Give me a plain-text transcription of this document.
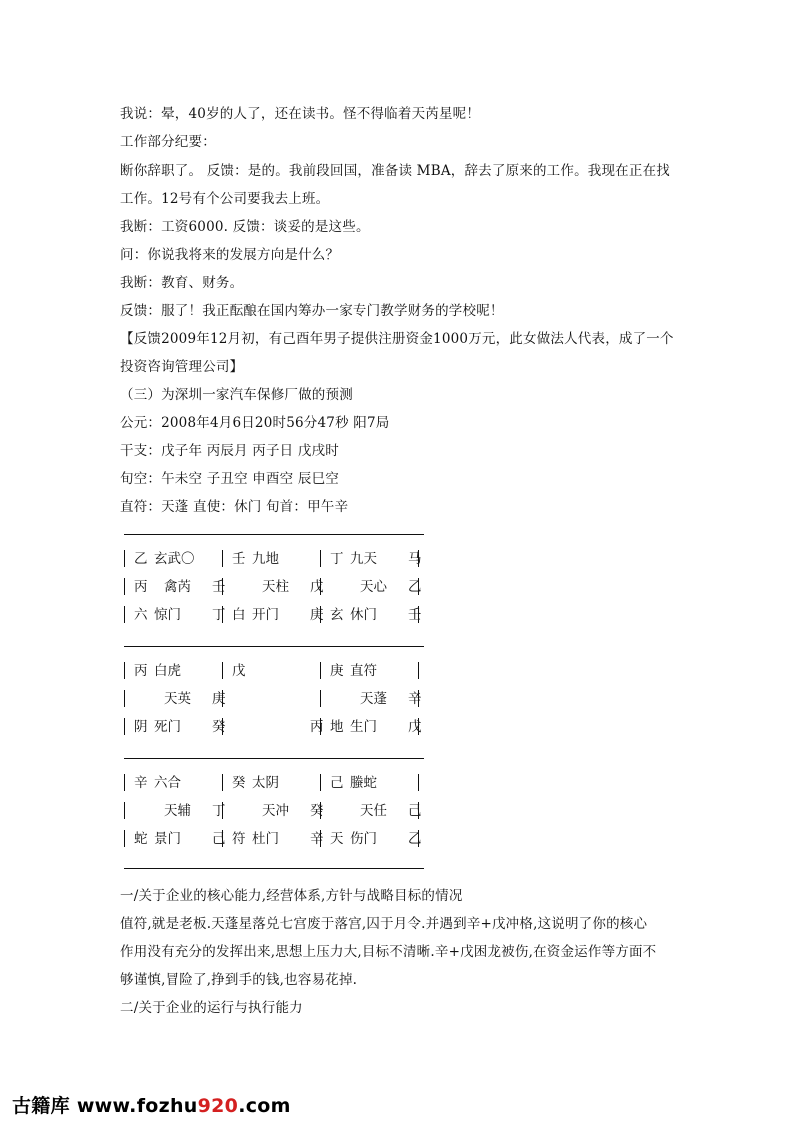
我说：晕，40岁的人了，还在读书。怪不得临着天芮星呢！
工作部分纪要：
断你辞职了。 反馈：是的。我前段回国，准备读 MBA，辞去了原来的工作。我现在正在找
工作。12号有个公司要我去上班。
我断：工资6000. 反馈：谈妥的是这些。
问：你说我将来的发展方向是什么？
我断：教育、财务。
反馈：服了！我正酝酿在国内筹办一家专门教学财务的学校呢！
【反馈2009年12月初，有己酉年男子提供注册资金1000万元，此女做法人代表，成了一个
投资咨询管理公司】
（三）为深圳一家汽车保修厂做的预测
公元：2008年4月6日20时56分47秒 阳7局
干支：戊子年 丙辰月 丙子日 戊戌时
旬空：午未空 子丑空 申酉空 辰巳空
直符：天蓬 直使：休门 旬首：甲午辛
乙 玄武〇
丙 禽芮 壬
六 惊门 丁
壬 九地
天柱 戊
白 开门 庚
丁 九天 马
天心 乙
玄 休门 壬
丙 白虎
天英 庚
阴 死门 癸
戊
丙
庚 直符
天蓬 辛
地 生门 戊
辛 六合
天辅 丁
蛇 景门 己
癸 太阴
天冲 癸
符 杜门 辛
己 螣蛇
天任 己
天 伤门 乙
一/关于企业的核心能力,经营体系,方针与战略目标的情况
值符,就是老板.天蓬星落兑七宫废于落宫,囚于月令.并遇到辛+戊冲格,这说明了你的核心
作用没有充分的发挥出来,思想上压力大,目标不清晰.辛+戊困龙被伤,在资金运作等方面不
够谨慎,冒险了,挣到手的钱,也容易花掉.
二/关于企业的运行与执行能力
古籍库 www.fozhu920.com
